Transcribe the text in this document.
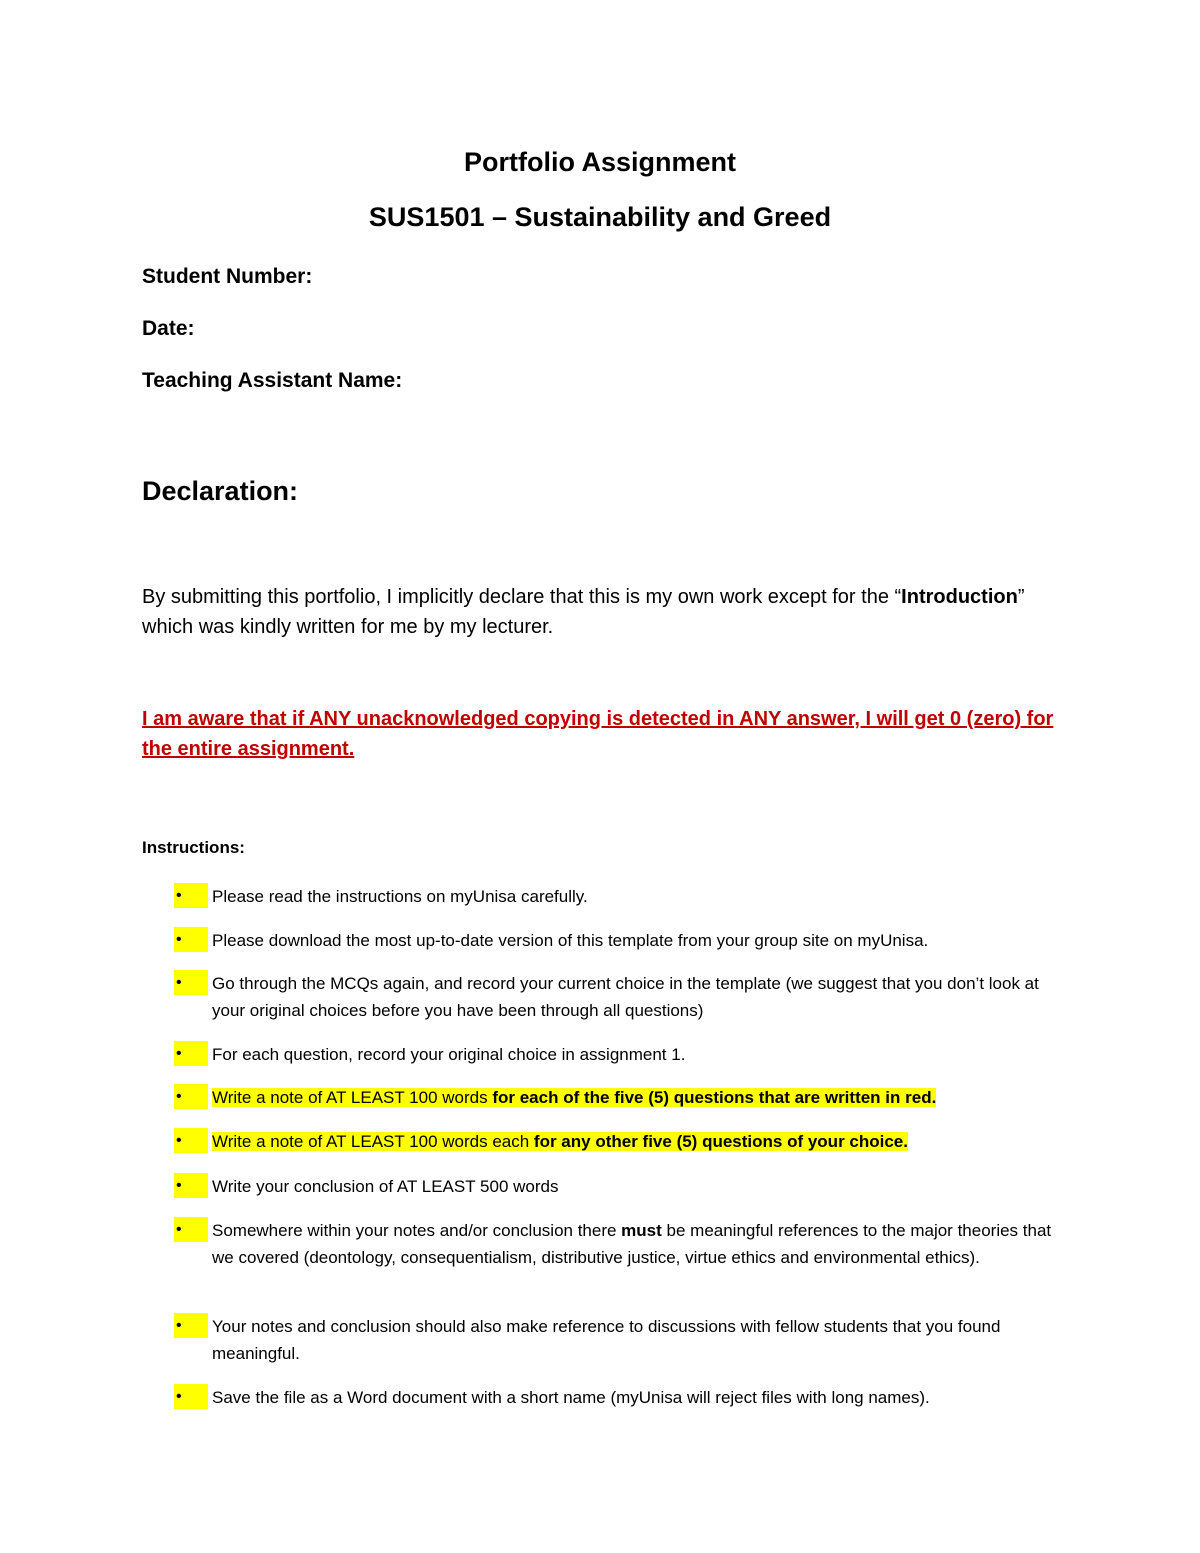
Portfolio Assignment
SUS1501 – Sustainability and Greed
Student Number:
Date:
Teaching Assistant Name:
Declaration:
By submitting this portfolio, I implicitly declare that this is my own work except for the “Introduction” which was kindly written for me by my lecturer.
I am aware that if ANY unacknowledged copying is detected in ANY answer, I will get 0 (zero) for the entire assignment.
Instructions:
•	Please read the instructions on myUnisa carefully.
•	Please download the most up-to-date version of this template from your group site on myUnisa.
•	Go through the MCQs again, and record your current choice in the template (we suggest that you don’t look at your original choices before you have been through all questions)
•	For each question, record your original choice in assignment 1.
•	Write a note of AT LEAST 100 words for each of the five (5) questions that are written in red.
•	Write a note of AT LEAST 100 words each for any other five (5) questions of your choice.
•	Write your conclusion of AT LEAST 500 words
•	Somewhere within your notes and/or conclusion there must be meaningful references to the major theories that we covered (deontology, consequentialism, distributive justice, virtue ethics and environmental ethics).
•	Your notes and conclusion should also make reference to discussions with fellow students that you found meaningful.
•	Save the file as a Word document with a short name (myUnisa will reject files with long names).
